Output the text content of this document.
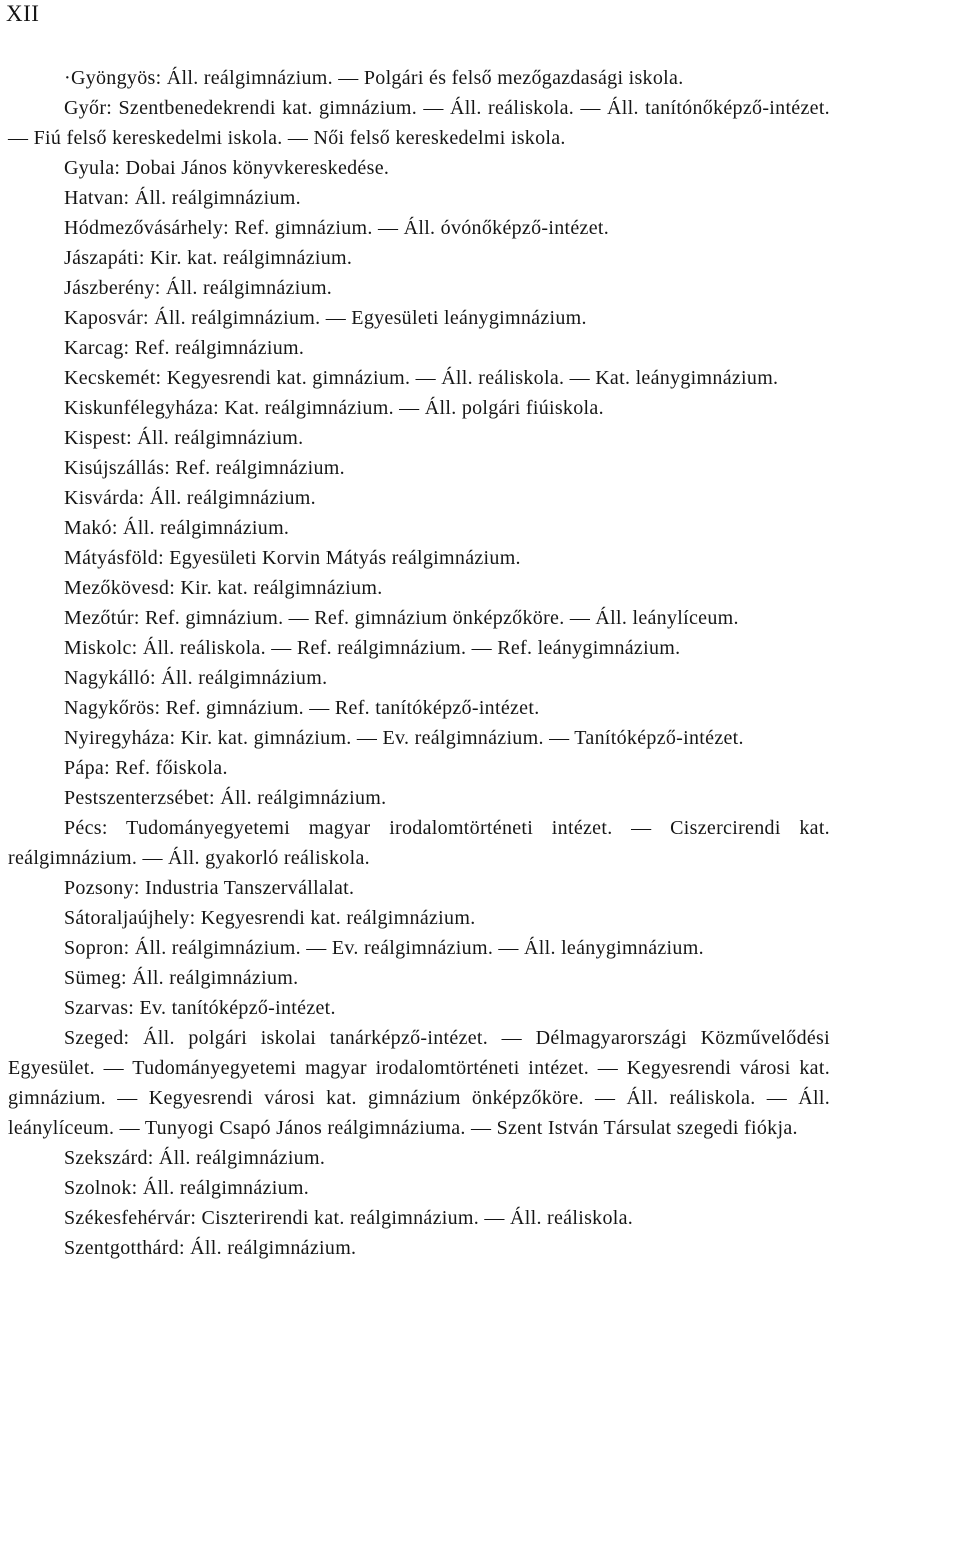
XII

·Gyöngyös: Áll. reálgimnázium. — Polgári és felső mezőgazdasági iskola.

Győr: Szentbenedekrendi kat. gimnázium. — Áll. reáliskola. — Áll. tanítónőképző-intézet. — Fiú felső kereskedelmi iskola. — Női felső kereskedelmi iskola.

Gyula: Dobai János könyvkereskedése.

Hatvan: Áll. reálgimnázium.

Hódmezővásárhely: Ref. gimnázium. — Áll. óvónőképző-intézet.

Jászapáti: Kir. kat. reálgimnázium.

Jászberény: Áll. reálgimnázium.

Kaposvár: Áll. reálgimnázium. — Egyesületi leánygimnázium.

Karcag: Ref. reálgimnázium.

Kecskemét: Kegyesrendi kat. gimnázium. — Áll. reáliskola. — Kat. leánygimnázium.

Kiskunfélegyháza: Kat. reálgimnázium. — Áll. polgári fiúiskola.

Kispest: Áll. reálgimnázium.

Kisújszállás: Ref. reálgimnázium.

Kisvárda: Áll. reálgimnázium.

Makó: Áll. reálgimnázium.

Mátyásföld: Egyesületi Korvin Mátyás reálgimnázium.

Mezőkövesd: Kir. kat. reálgimnázium.

Mezőtúr: Ref. gimnázium. — Ref. gimnázium önképzőköre. — Áll. leánylíceum.

Miskolc: Áll. reáliskola. — Ref. reálgimnázium. — Ref. leánygimnázium.

Nagykálló: Áll. reálgimnázium.

Nagykőrös: Ref. gimnázium. — Ref. tanítóképző-intézet.

Nyiregyháza: Kir. kat. gimnázium. — Ev. reálgimnázium. — Tanítóképző-intézet.

Pápa: Ref. főiskola.

Pestszenterzsébet: Áll. reálgimnázium.

Pécs: Tudományegyetemi magyar irodalomtörténeti intézet. — Ciszercirendi kat. reálgimnázium. — Áll. gyakorló reáliskola.

Pozsony: Industria Tanszervállalat.

Sátoraljaújhely: Kegyesrendi kat. reálgimnázium.

Sopron: Áll. reálgimnázium. — Ev. reálgimnázium. — Áll. leánygimnázium.

Sümeg: Áll. reálgimnázium.

Szarvas: Ev. tanítóképző-intézet.

Szeged: Áll. polgári iskolai tanárképző-intézet. — Délmagyarországi Közművelődési Egyesület. — Tudományegyetemi magyar irodalomtörténeti intézet. — Kegyesrendi városi kat. gimnázium. — Kegyesrendi városi kat. gimnázium önképzőköre. — Áll. reáliskola. — Áll. leánylíceum. — Tunyogi Csapó János reálgimnáziuma. — Szent István Társulat szegedi fiókja.

Szekszárd: Áll. reálgimnázium.

Szolnok: Áll. reálgimnázium.

Székesfehérvár: Ciszterirendi kat. reálgimnázium. — Áll. reáliskola.

Szentgotthárd: Áll. reálgimnázium.
